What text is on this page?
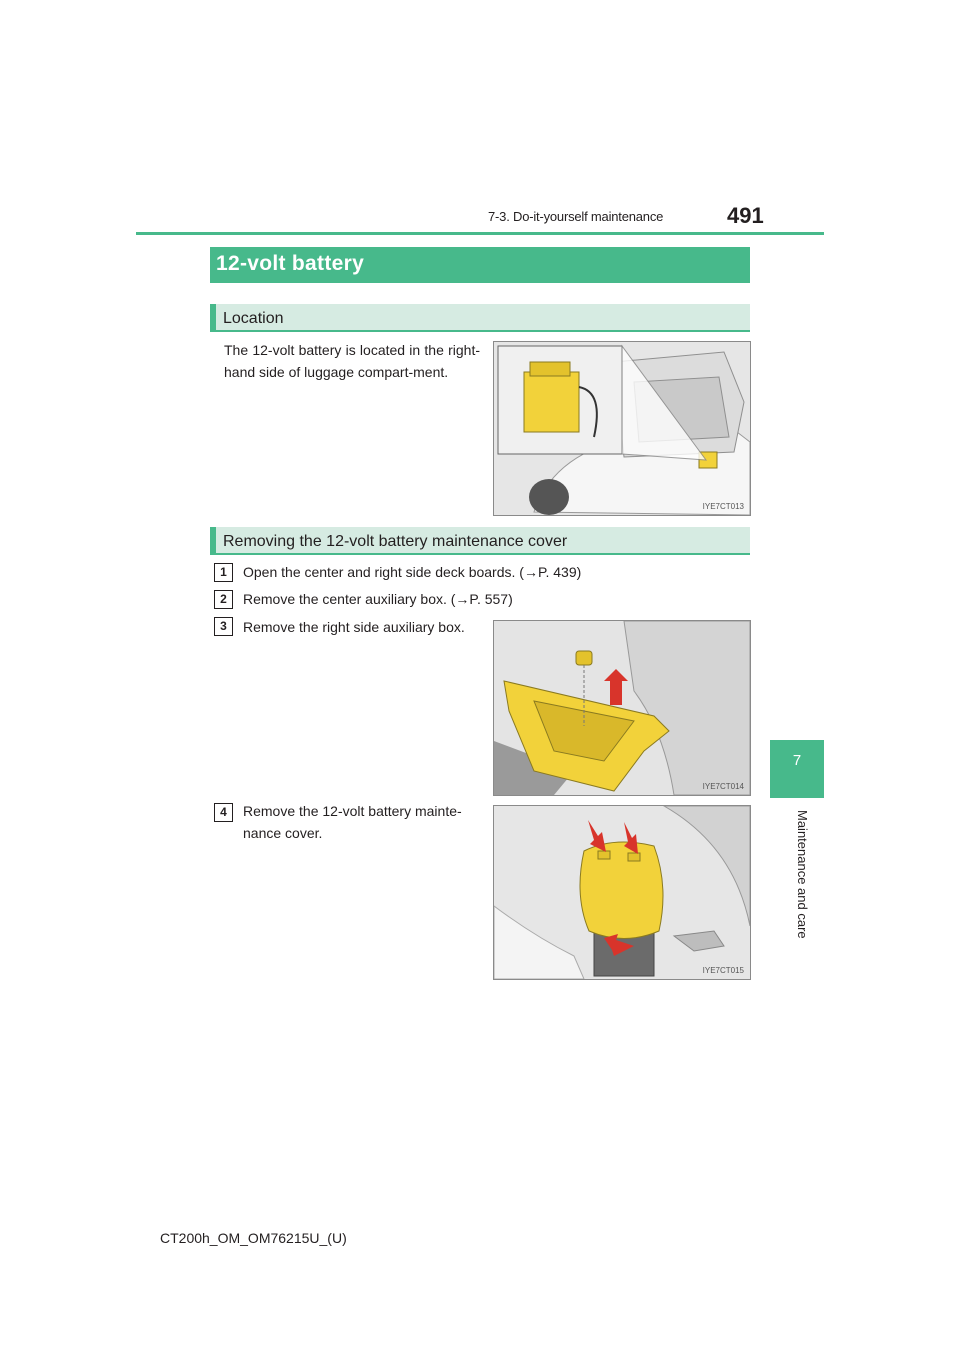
7-3. Do-it-yourself maintenance	491
12-volt battery
Location
The 12-volt battery is located in the right-hand side of luggage compart-ment.
IYE7CT013
Removing the 12-volt battery maintenance cover
1	Open the center and right side deck boards. (→P. 439)
2	Remove the center auxiliary box. (→P. 557)
3	Remove the right side auxiliary box.
IYE7CT014
4	Remove the 12-volt battery mainte-nance cover.
IYE7CT015
7
Maintenance and care
CT200h_OM_OM76215U_(U)
